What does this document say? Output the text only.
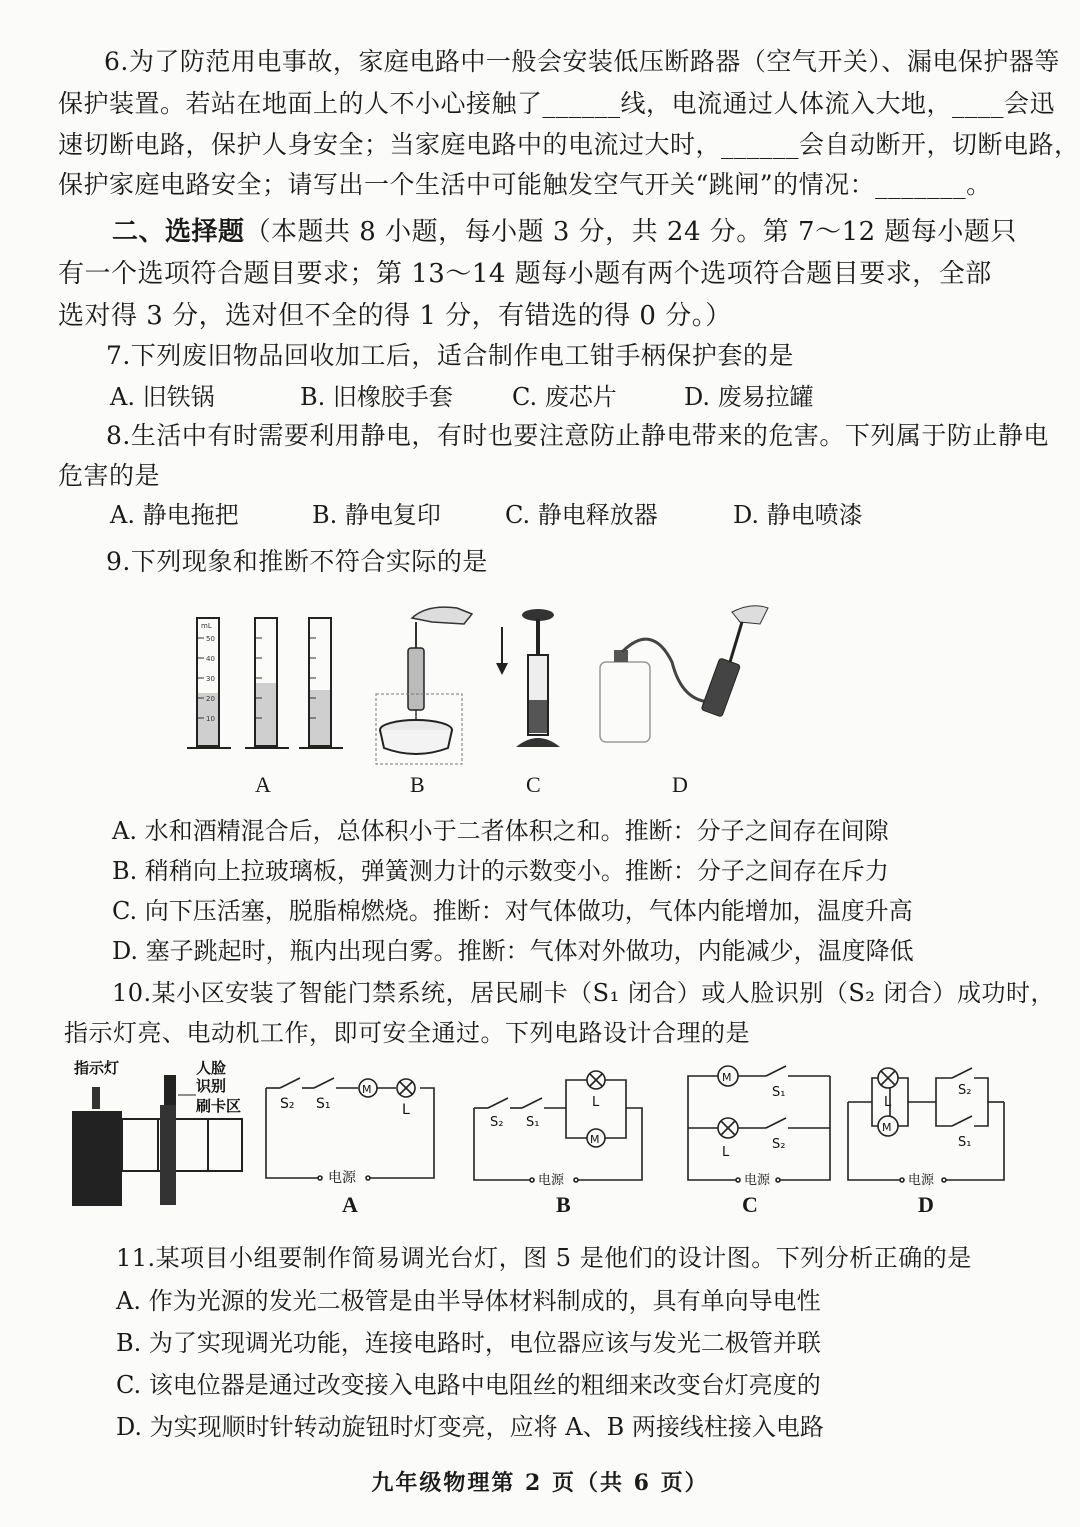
6.为了防范用电事故，家庭电路中一般会安装低压断路器（空气开关）、漏电保护器等
保护装置。若站在地面上的人不小心接触了______线，电流通过人体流入大地，____会迅
速切断电路，保护人身安全；当家庭电路中的电流过大时，______会自动断开，切断电路，
保护家庭电路安全；请写出一个生活中可能触发空气开关“跳闸”的情况：_______。
二、选择题（本题共 8 小题，每小题 3 分，共 24 分。第 7～12 题每小题只
有一个选项符合题目要求；第 13～14 题每小题有两个选项符合题目要求，全部
选对得 3 分，选对但不全的得 1 分，有错选的得 0 分。）
7.下列废旧物品回收加工后，适合制作电工钳手柄保护套的是
A. 旧铁锅	B. 旧橡胶手套 C. 废芯片	D. 废易拉罐
8.生活中有时需要利用静电，有时也要注意防止静电带来的危害。下列属于防止静电
危害的是
A. 静电拖把	B. 静电复印	C. 静电释放器	D. 静电喷漆
9.下列现象和推断不符合实际的是
mL
50
40
30
20
10
A	B	C	D
A. 水和酒精混合后，总体积小于二者体积之和。推断：分子之间存在间隙
B. 稍稍向上拉玻璃板，弹簧测力计的示数变小。推断：分子之间存在斥力
C. 向下压活塞，脱脂棉燃烧。推断：对气体做功，气体内能增加，温度升高
D. 塞子跳起时，瓶内出现白雾。推断：气体对外做功，内能减少，温度降低
10.某小区安装了智能门禁系统，居民刷卡（S₁ 闭合）或人脸识别（S₂ 闭合）成功时，
指示灯亮、电动机工作，即可安全通过。下列电路设计合理的是
指示灯	人脸
识别
刷卡区
M
S₂ S₁	L
电源
M
L
S₂ S₁
电源
M
S₁
L
S₂
电源
L
M
S₂
S₁
电源
A	B	C	D
11.某项目小组要制作简易调光台灯，图 5 是他们的设计图。下列分析正确的是
A. 作为光源的发光二极管是由半导体材料制成的，具有单向导电性
B. 为了实现调光功能，连接电路时，电位器应该与发光二极管并联
C. 该电位器是通过改变接入电路中电阻丝的粗细来改变台灯亮度的
D. 为实现顺时针转动旋钮时灯变亮，应将 A、B 两接线柱接入电路
九年级物理第 2 页（共 6 页）
